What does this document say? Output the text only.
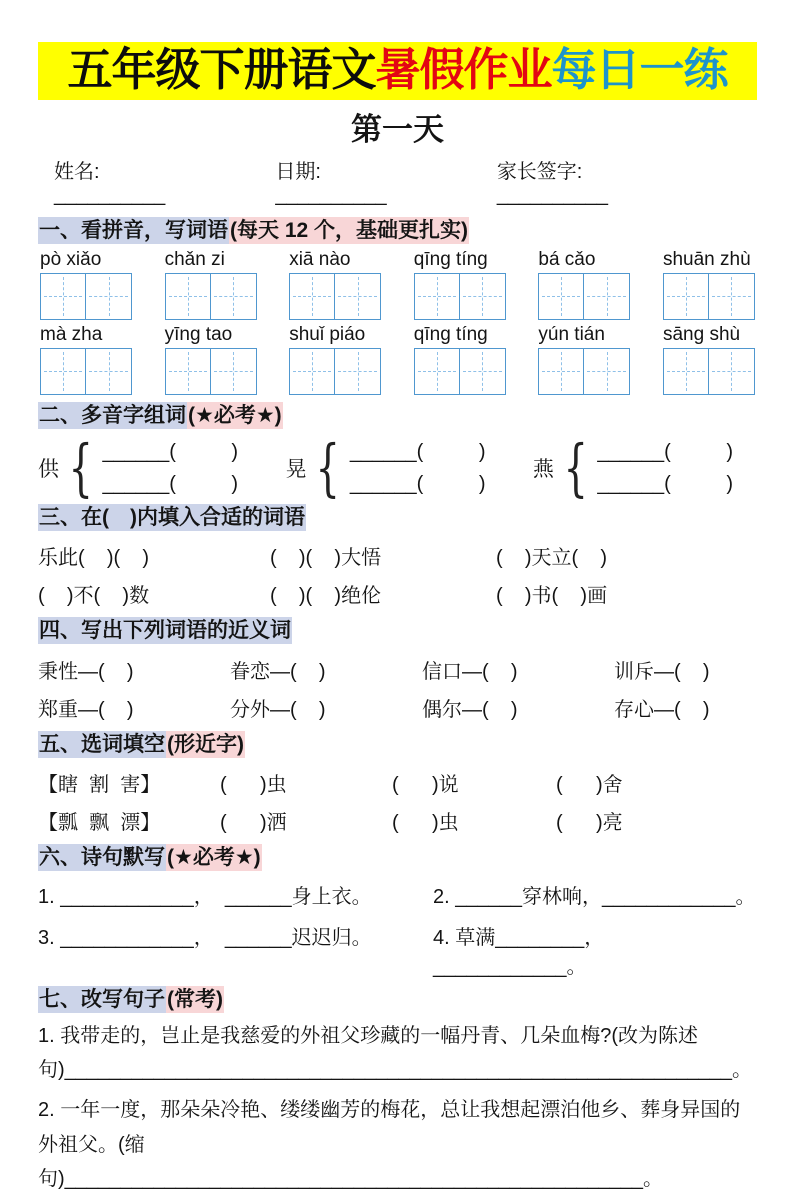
五年级下册语文暑假作业每日一练
第一天
姓名: __________
日期: __________
家长签字: __________
一、看拼音，写词语(每天 12 个，基础更扎实)
pò xiǎo	chǎn zi	xiā nào	qīng tíng	bá cǎo	shuān zhù
mà zha	yīng tao	shuǐ piáo	qīng tíng	yún tián	sāng shù
二、多音字组词(★必考★)
供 { ______(          )
______(          )
晃 { ______(          )
______(          )
燕 { ______(          )
______(          )
三、在(　)内填入合适的词语
乐此(    )(    )	(    )(    )大悟	(    )天立(    )
(    )不(    )数	(    )(    )绝伦	(    )书(    )画
四、写出下列词语的近义词
秉性—(    )	眷恋—(    )	信口—(    )	训斥—(    )
郑重—(    )	分外—(    )	偶尔—(    )	存心—(    )
五、选词填空(形近字)
【瞎  割  害】	(      )虫	(      )说	(      )舍
【瓢  飘  漂】	(      )洒	(      )虫	(      )亮
六、诗句默写(★必考★)
1. ____________，  ______身上衣。	2. ______穿林响，____________。
3. ____________，  ______迟迟归。	4. 草满________，____________。
七、改写句子(常考)
1. 我带走的，岂止是我慈爱的外祖父珍藏的一幅丹青、几朵血梅?(改为陈述句)____________________________________________________________。
2. 一年一度，那朵朵冷艳、缕缕幽芳的梅花，总让我想起漂泊他乡、葬身异国的外祖父。(缩句)____________________________________________________。
